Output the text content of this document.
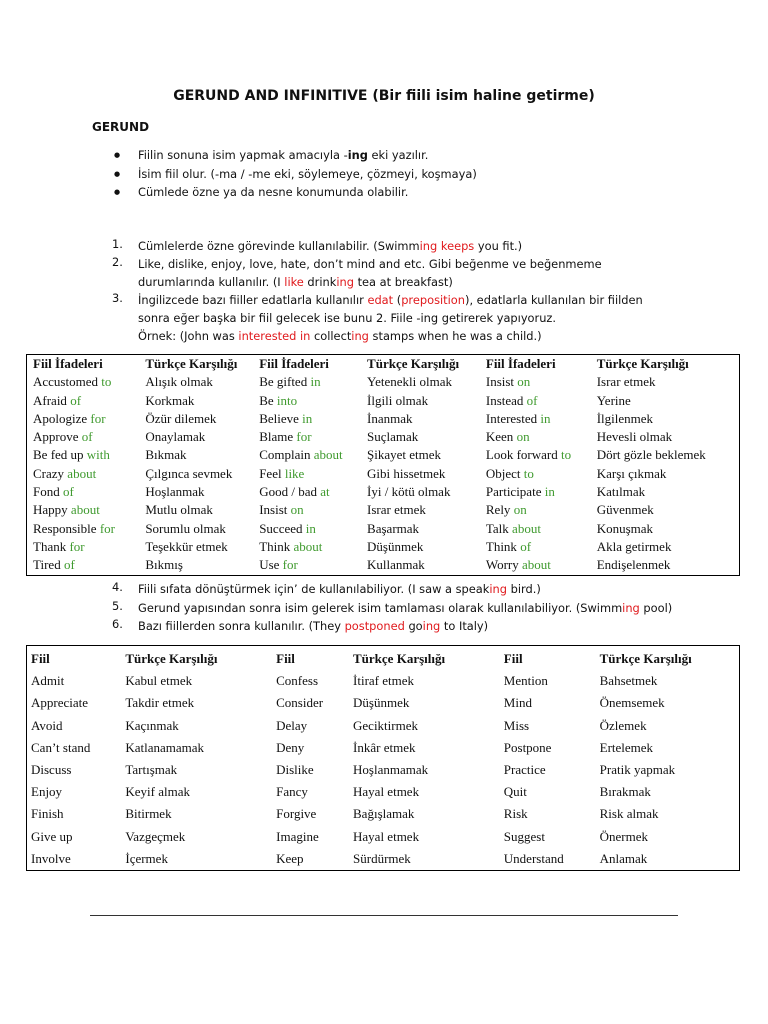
GERUND AND INFINITIVE (Bir fiili isim haline getirme)
GERUND
● Fiilin sonuna isim yapmak amacıyla -ing eki yazılır.
● İsim fiil olur. (-ma / -me eki, söylemeye, çözmeyi, koşmaya)
● Cümlede özne ya da nesne konumunda olabilir.
1.	Cümlelerde özne görevinde kullanılabilir. (Swimming keeps you fit.)
2.	Like, dislike, enjoy, love, hate, don’t mind and etc. Gibi beğenme ve beğenmeme
durumlarında kullanılır. (I like drinking tea at breakfast)
3.	İngilizcede bazı fiiller edatlarla kullanılır edat (preposition), edatlarla kullanılan bir fiilden
sonra eğer başka bir fiil gelecek ise bunu 2. Fiile -ing getirerek yapıyoruz.
Örnek: (John was interested in collecting stamps when he was a child.)
Fiil İfadeleri	Türkçe Karşılığı	Fiil İfadeleri	Türkçe Karşılığı	Fiil İfadeleri	Türkçe Karşılığı
Accustomed to	Alışık olmak	Be gifted in	Yetenekli olmak	Insist on	Israr etmek
Afraid of	Korkmak	Be into	İlgili olmak	Instead of	Yerine
Apologize for	Özür dilemek	Believe in	İnanmak	Interested in	İlgilenmek
Approve of	Onaylamak	Blame for	Suçlamak	Keen on	Hevesli olmak
Be fed up with	Bıkmak	Complain about	Şikayet etmek	Look forward to	Dört gözle beklemek
Crazy about	Çılgınca sevmek	Feel like	Gibi hissetmek	Object to	Karşı çıkmak
Fond of	Hoşlanmak	Good / bad at	İyi / kötü olmak	Participate in	Katılmak
Happy about	Mutlu olmak	Insist on	Israr etmek	Rely on	Güvenmek
Responsible for	Sorumlu olmak	Succeed in	Başarmak	Talk about	Konuşmak
Thank for	Teşekkür etmek	Think about	Düşünmek	Think of	Akla getirmek
Tired of	Bıkmış	Use for	Kullanmak	Worry about	Endişelenmek
4.	Fiili sıfata dönüştürmek için’ de kullanılabiliyor. (I saw a speaking bird.)
5.	Gerund yapısından sonra isim gelerek isim tamlaması olarak kullanılabiliyor. (Swimming pool)
6.	Bazı fiillerden sonra kullanılır. (They postponed going to Italy)
Fiil	Türkçe Karşılığı	Fiil	Türkçe Karşılığı	Fiil	Türkçe Karşılığı
Admit	Kabul etmek	Confess	İtiraf etmek	Mention	Bahsetmek
Appreciate	Takdir etmek	Consider	Düşünmek	Mind	Önemsemek
Avoid	Kaçınmak	Delay	Geciktirmek	Miss	Özlemek
Can’t stand	Katlanamamak	Deny	İnkâr etmek	Postpone	Ertelemek
Discuss	Tartışmak	Dislike	Hoşlanmamak	Practice	Pratik yapmak
Enjoy	Keyif almak	Fancy	Hayal etmek	Quit	Bırakmak
Finish	Bitirmek	Forgive	Bağışlamak	Risk	Risk almak
Give up	Vazgeçmek	Imagine	Hayal etmek	Suggest	Önermek
Involve	İçermek	Keep	Sürdürmek	Understand	Anlamak
